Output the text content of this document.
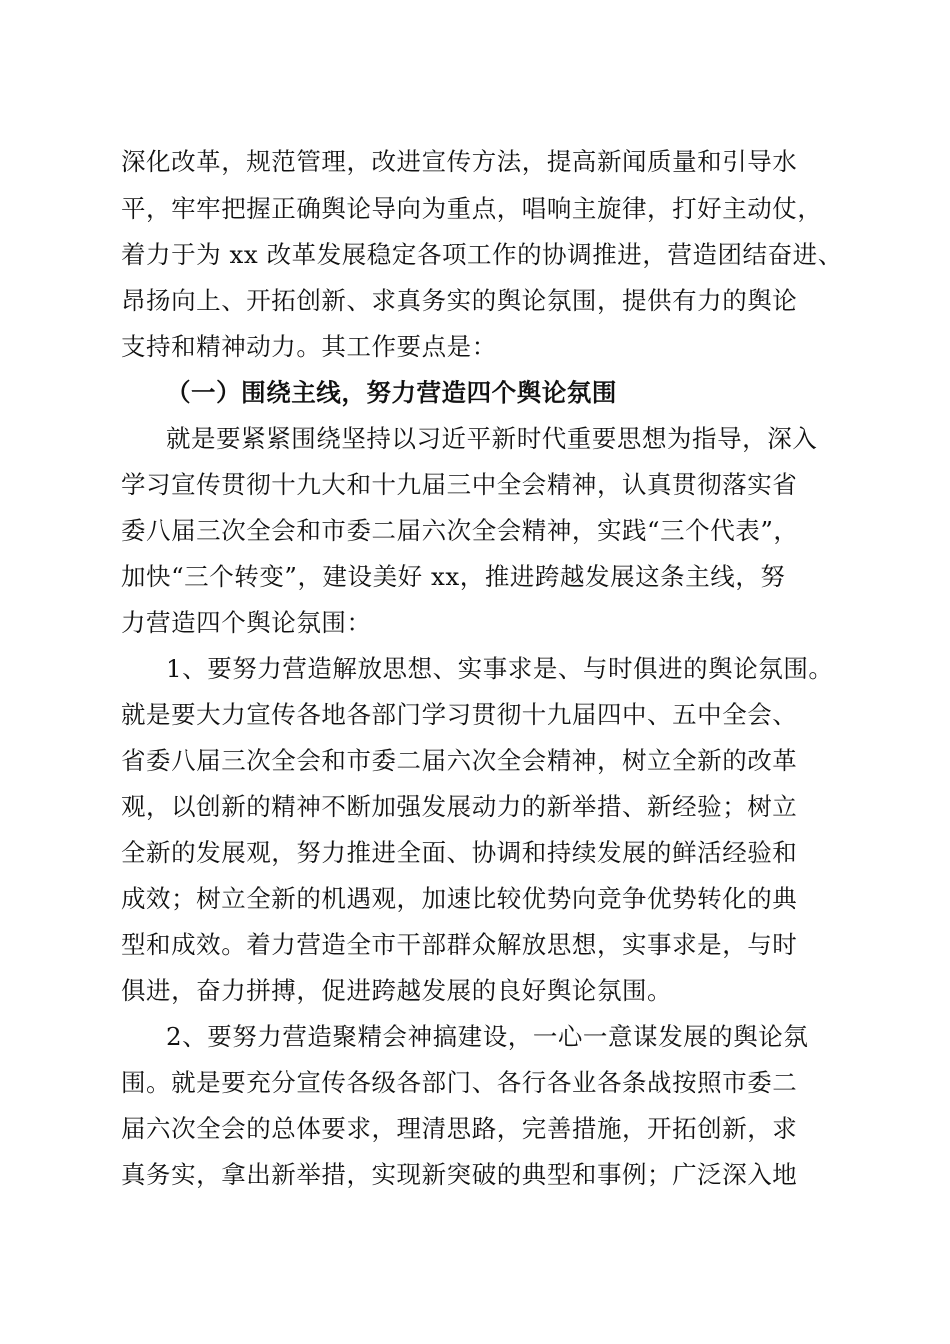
深化改革，规范管理，改进宣传方法，提高新闻质量和引导水
平，牢牢把握正确舆论导向为重点，唱响主旋律，打好主动仗，
着力于为 xx 改革发展稳定各项工作的协调推进，营造团结奋进、
昂扬向上、开拓创新、求真务实的舆论氛围，提供有力的舆论
支持和精神动力。其工作要点是：
（一）围绕主线，努力营造四个舆论氛围
就是要紧紧围绕坚持以习近平新时代重要思想为指导，深入
学习宣传贯彻十九大和十九届三中全会精神，认真贯彻落实省
委八届三次全会和市委二届六次全会精神，实践“三个代表”，
加快“三个转变”，建设美好 xx，推进跨越发展这条主线，努
力营造四个舆论氛围：
1、要努力营造解放思想、实事求是、与时俱进的舆论氛围。
就是要大力宣传各地各部门学习贯彻十九届四中、五中全会、
省委八届三次全会和市委二届六次全会精神，树立全新的改革
观，以创新的精神不断加强发展动力的新举措、新经验；树立
全新的发展观，努力推进全面、协调和持续发展的鲜活经验和
成效；树立全新的机遇观，加速比较优势向竞争优势转化的典
型和成效。着力营造全市干部群众解放思想，实事求是，与时
俱进，奋力拼搏，促进跨越发展的良好舆论氛围。
2、要努力营造聚精会神搞建设，一心一意谋发展的舆论氛
围。就是要充分宣传各级各部门、各行各业各条战按照市委二
届六次全会的总体要求，理清思路，完善措施，开拓创新，求
真务实，拿出新举措，实现新突破的典型和事例；广泛深入地
